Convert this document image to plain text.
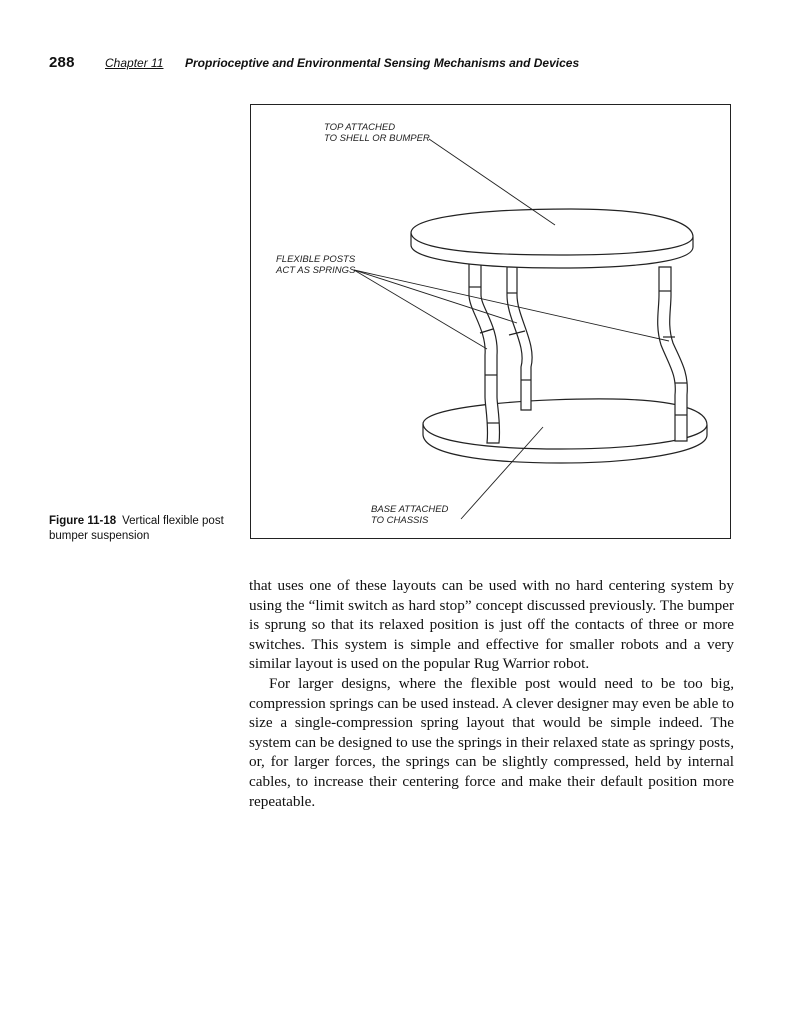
288	Chapter 11 Proprioceptive and Environmental Sensing Mechanisms and Devices
TOP ATTACHED
TO SHELL OR BUMPER
FLEXIBLE POSTS
ACT AS SPRINGS
BASE ATTACHED
TO CHASSIS
Figure 11-18 Vertical flexible post bumper suspension

that uses one of these layouts can be used with no hard centering system by using the “limit switch as hard stop” concept discussed previously. The bumper is sprung so that its relaxed position is just off the contacts of three or more switches. This system is simple and effective for smaller robots and a very similar layout is used on the popular Rug Warrior robot.

For larger designs, where the flexible post would need to be too big, compression springs can be used instead. A clever designer may even be able to size a single-compression spring layout that would be simple indeed. The system can be designed to use the springs in their relaxed state as springy posts, or, for larger forces, the springs can be slightly compressed, held by internal cables, to increase their centering force and make their default position more repeatable.
